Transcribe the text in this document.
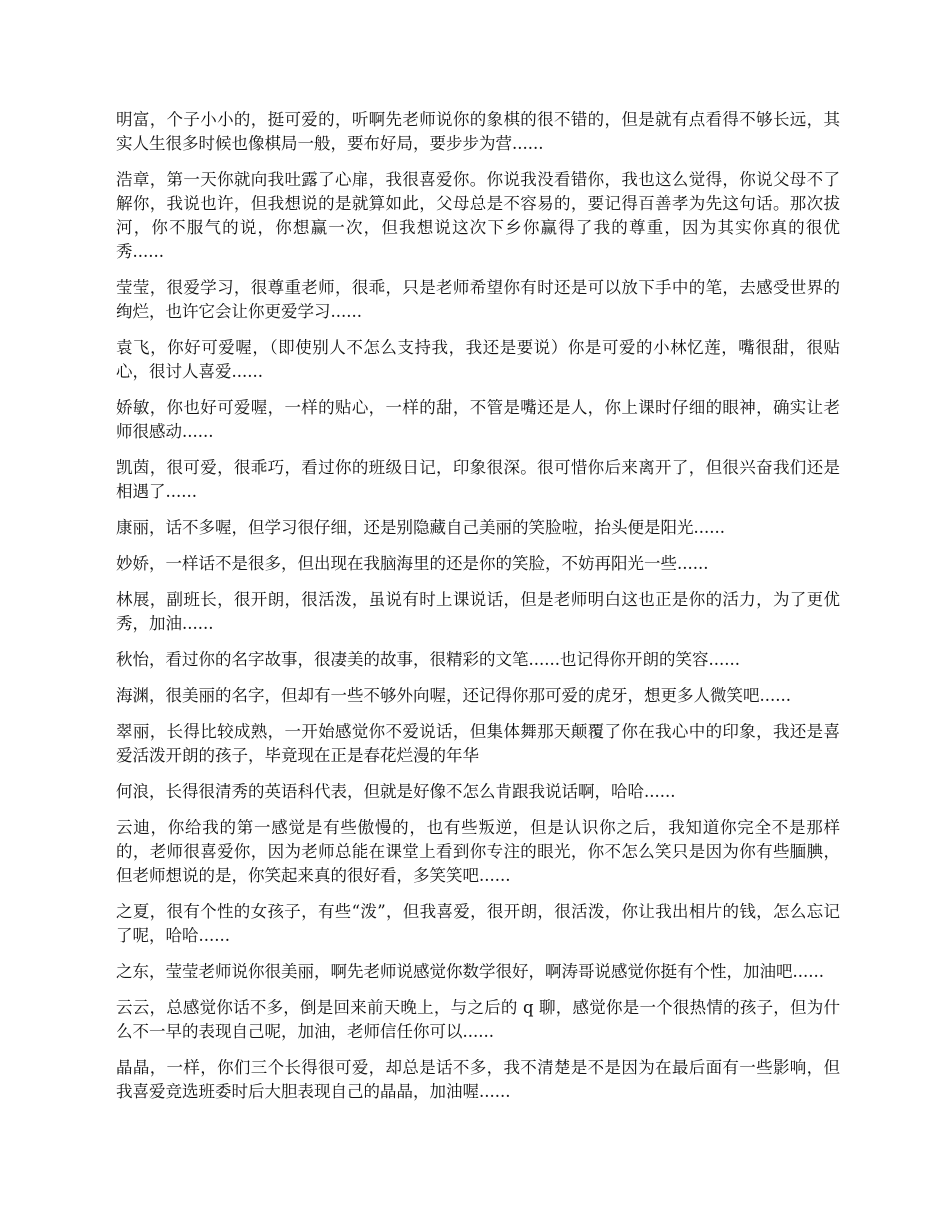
明富，个子小小的，挺可爱的，听啊先老师说你的象棋的很不错的，但是就有点看得不够长远，其实人生很多时候也像棋局一般，要布好局，要步步为营......

浩章，第一天你就向我吐露了心扉，我很喜爱你。你说我没看错你，我也这么觉得，你说父母不了解你，我说也许，但我想说的是就算如此，父母总是不容易的，要记得百善孝为先这句话。那次拔河，你不服气的说，你想赢一次，但我想说这次下乡你赢得了我的尊重，因为其实你真的很优秀......

莹莹，很爱学习，很尊重老师，很乖，只是老师希望你有时还是可以放下手中的笔，去感受世界的绚烂，也许它会让你更爱学习......

袁飞，你好可爱喔，（即使别人不怎么支持我，我还是要说）你是可爱的小林忆莲，嘴很甜，很贴心，很讨人喜爱......

娇敏，你也好可爱喔，一样的贴心，一样的甜，不管是嘴还是人，你上课时仔细的眼神，确实让老师很感动......

凯茵，很可爱，很乖巧，看过你的班级日记，印象很深。很可惜你后来离开了，但很兴奋我们还是相遇了......

康丽，话不多喔，但学习很仔细，还是别隐藏自己美丽的笑脸啦，抬头便是阳光......

妙娇，一样话不是很多，但出现在我脑海里的还是你的笑脸，不妨再阳光一些......

林展，副班长，很开朗，很活泼，虽说有时上课说话，但是老师明白这也正是你的活力，为了更优秀，加油......

秋怡，看过你的名字故事，很凄美的故事，很精彩的文笔......也记得你开朗的笑容......

海渊，很美丽的名字，但却有一些不够外向喔，还记得你那可爱的虎牙，想更多人微笑吧......

翠丽，长得比较成熟，一开始感觉你不爱说话，但集体舞那天颠覆了你在我心中的印象，我还是喜爱活泼开朗的孩子，毕竟现在正是春花烂漫的年华

何浪，长得很清秀的英语科代表，但就是好像不怎么肯跟我说话啊，哈哈......

云迪，你给我的第一感觉是有些傲慢的，也有些叛逆，但是认识你之后，我知道你完全不是那样的，老师很喜爱你，因为老师总能在课堂上看到你专注的眼光，你不怎么笑只是因为你有些腼腆，但老师想说的是，你笑起来真的很好看，多笑笑吧......

之夏，很有个性的女孩子，有些“泼”，但我喜爱，很开朗，很活泼，你让我出相片的钱，怎么忘记了呢，哈哈......

之东，莹莹老师说你很美丽，啊先老师说感觉你数学很好，啊涛哥说感觉你挺有个性，加油吧......

云云，总感觉你话不多，倒是回来前天晚上，与之后的 q 聊，感觉你是一个很热情的孩子，但为什么不一早的表现自己呢，加油，老师信任你可以......

晶晶，一样，你们三个长得很可爱，却总是话不多，我不清楚是不是因为在最后面有一些影响，但我喜爱竞选班委时后大胆表现自己的晶晶，加油喔......
